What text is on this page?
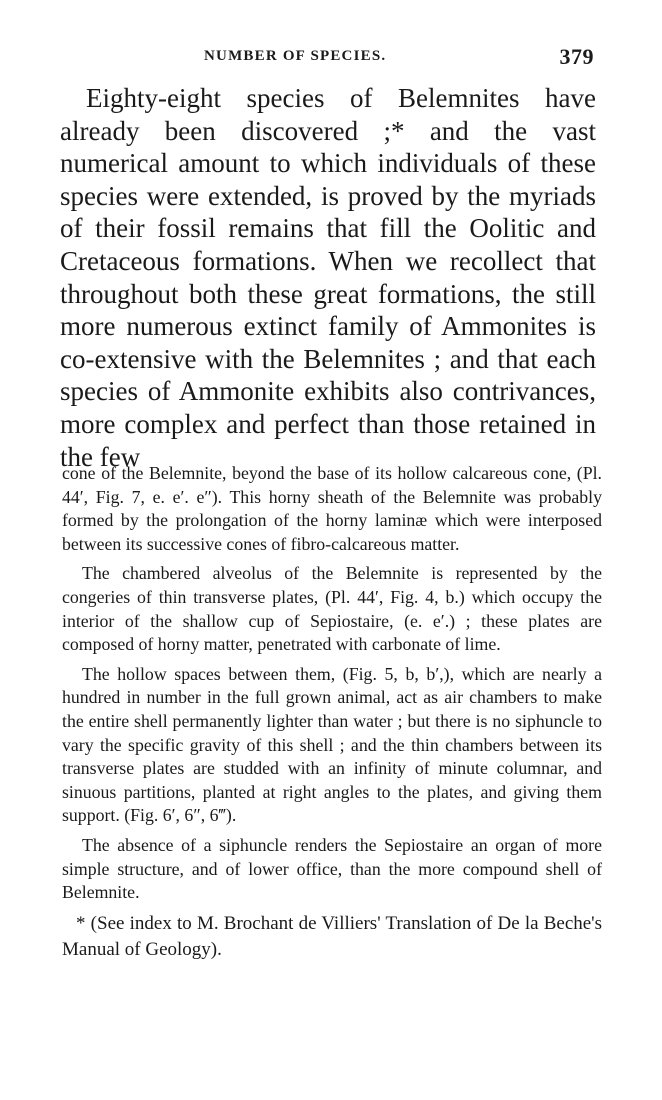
NUMBER OF SPECIES.	379

Eighty-eight species of Belemnites have already been discovered ;* and the vast numerical amount to which individuals of these species were extended, is proved by the myriads of their fossil remains that fill the Oolitic and Cretaceous formations. When we recollect that throughout both these great formations, the still more numerous extinct family of Ammonites is co-extensive with the Belemnites ; and that each species of Ammonite exhibits also contrivances, more complex and perfect than those retained in the few

cone of the Belemnite, beyond the base of its hollow calcareous cone, (Pl. 44′, Fig. 7, e. e′. e″). This horny sheath of the Belemnite was probably formed by the prolongation of the horny laminæ which were interposed between its successive cones of fibro-calcareous matter.

The chambered alveolus of the Belemnite is represented by the congeries of thin transverse plates, (Pl. 44′, Fig. 4, b.) which occupy the interior of the shallow cup of Sepiostaire, (e. e′.) ; these plates are composed of horny matter, penetrated with carbonate of lime.

The hollow spaces between them, (Fig. 5, b, b′,), which are nearly a hundred in number in the full grown animal, act as air chambers to make the entire shell permanently lighter than water ; but there is no siphuncle to vary the specific gravity of this shell ; and the thin chambers between its transverse plates are studded with an infinity of minute columnar, and sinuous partitions, planted at right angles to the plates, and giving them support. (Fig. 6′, 6″, 6‴).

The absence of a siphuncle renders the Sepiostaire an organ of more simple structure, and of lower office, than the more compound shell of Belemnite.

* (See index to M. Brochant de Villiers' Translation of De la Beche's Manual of Geology).
